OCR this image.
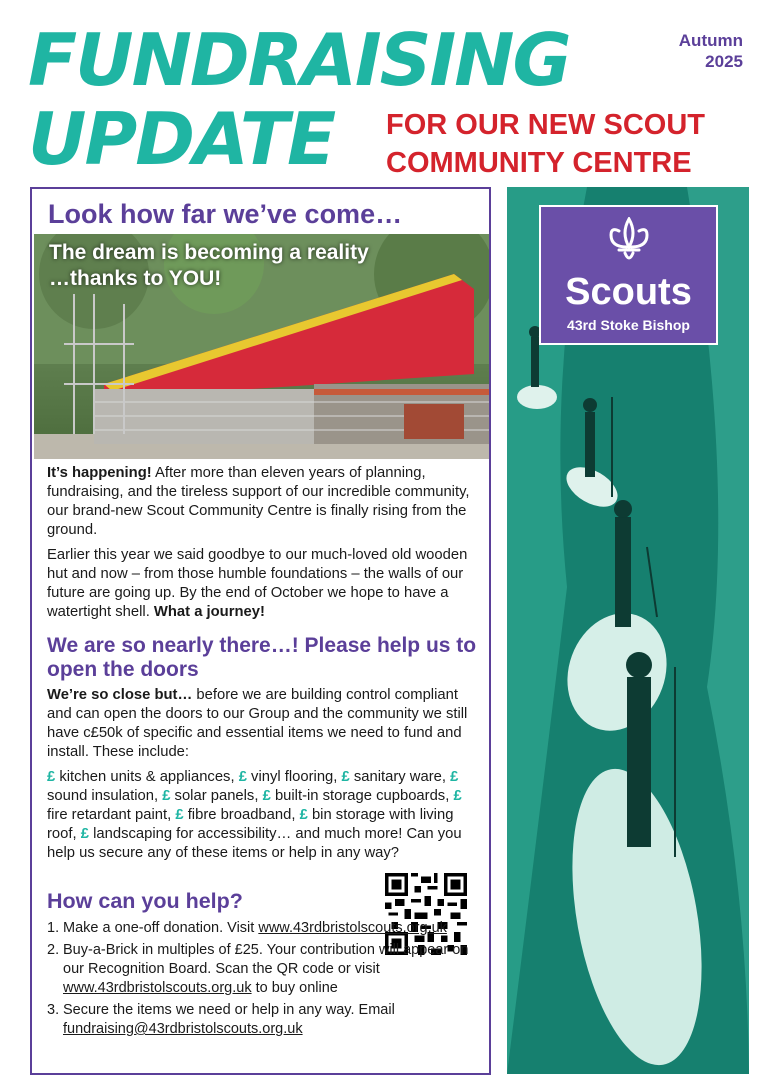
FUNDRAISING
UPDATE
Autumn
2025
FOR OUR NEW SCOUT
COMMUNITY CENTRE
Look how far we’ve come…
The dream is becoming a reality
…thanks to YOU!
It’s happening! After more than eleven years of planning, fundraising, and the tireless support of our incredible community, our brand-new Scout Community Centre is finally rising from the ground.
Earlier this year we said goodbye to our much-loved old wooden hut and now – from those humble foundations – the walls of our future are going up. By the end of October we hope to have a watertight shell. What a journey!
We are so nearly there…! Please help us to open the doors
We’re so close but… before we are building control compliant and can open the doors to our Group and the community we still have c£50k of specific and essential items we need to fund and install. These include:
£ kitchen units & appliances, £ vinyl flooring, £ sanitary ware, £ sound insulation, £ solar panels, £ built-in storage cupboards, £ fire retardant paint, £ fibre broadband, £ bin storage with living roof, £ landscaping for accessibility… and much more! Can you help us secure any of these items or help in any way?
How can you help?
1. Make a one-off donation. Visit www.43rdbristolscouts.org.uk
2. Buy-a-Brick in multiples of £25. Your contribution will appear on our Recognition Board. Scan the QR code or visit www.43rdbristolscouts.org.uk to buy online
3. Secure the items we need or help in any way. Email fundraising@43rdbristolscouts.org.uk
Scouts
43rd Stoke Bishop
